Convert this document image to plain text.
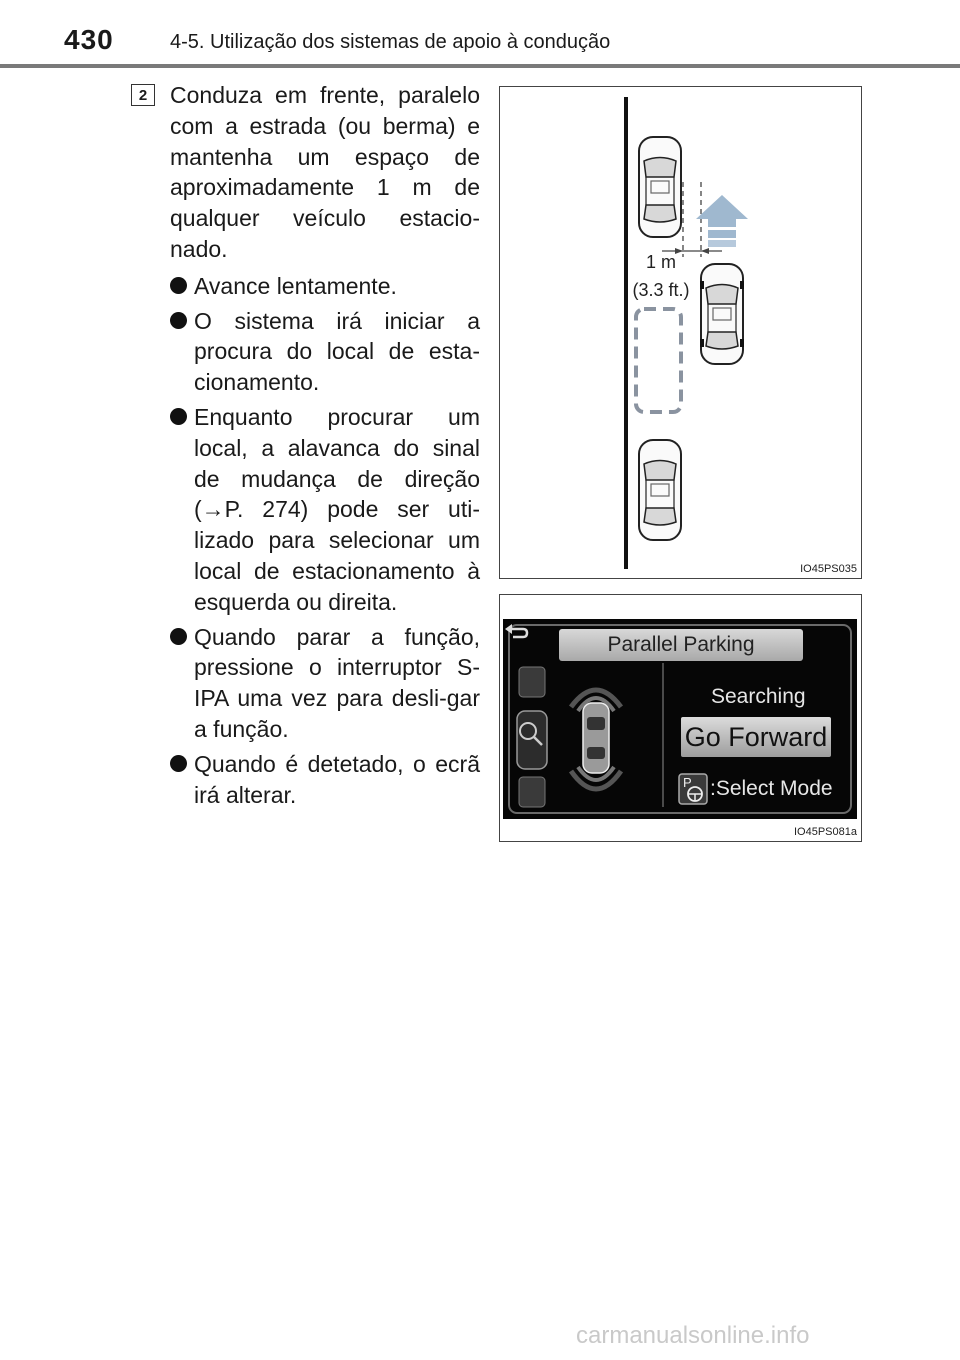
430	4-5. Utilização dos sistemas de apoio à condução
2 Conduza em frente, paralelo com a estrada (ou berma) e mantenha um espaço de aproximadamente 1 m de qualquer veículo estacio-nado.

Avance lentamente.
O sistema irá iniciar a procura do local de esta-cionamento.
Enquanto procurar um local, a alavanca do sinal de mudança de direção (→P. 274) pode ser uti-lizado para selecionar um local de estacionamento à esquerda ou direita.
Quando parar a função, pressione o interruptor S-IPA uma vez para desli-gar a função.
Quando é detetado, o ecrã irá alterar.
1 m
(3.3 ft.)
IO45PS035
Parallel Parking
Searching
Go Forward
P :Select Mode
IO45PS081a
carmanualsonline.info
